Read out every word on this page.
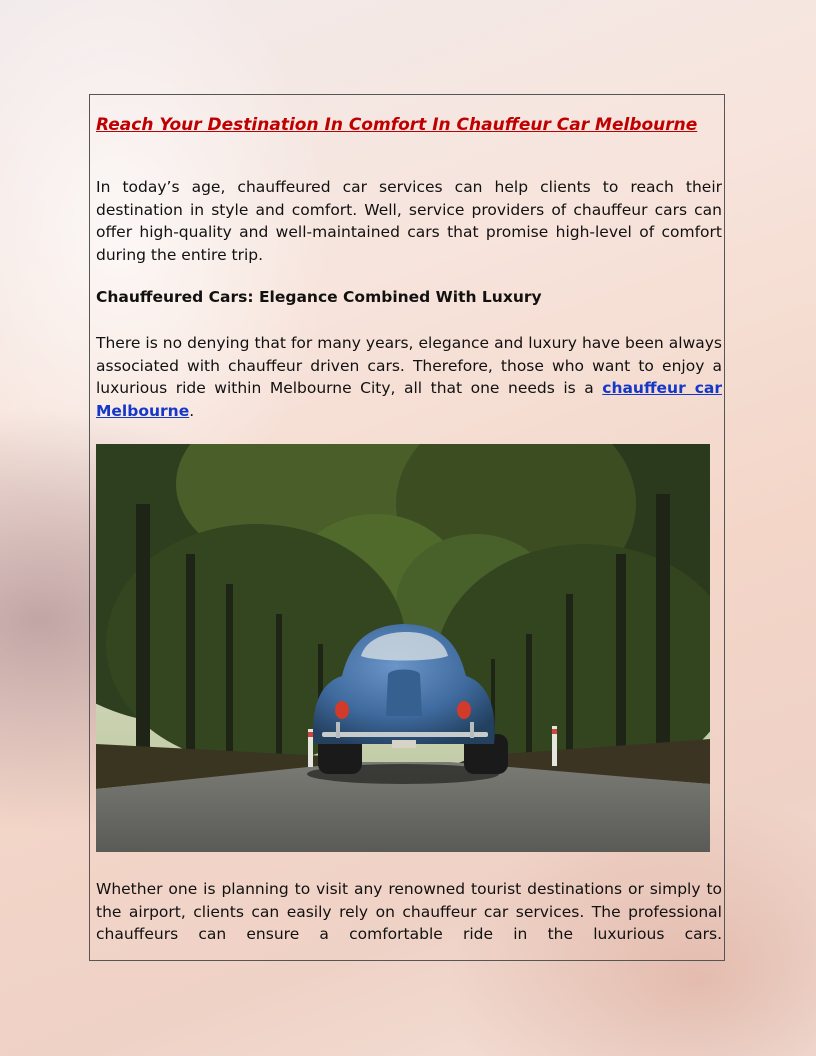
Reach Your Destination In Comfort In Chauffeur Car Melbourne

In today’s age, chauffeured car services can help clients to reach their destination in style and comfort. Well, service providers of chauffeur cars can offer high-quality and well-maintained cars that promise high-level of comfort during the entire trip.

Chauffeured Cars: Elegance Combined With Luxury

There is no denying that for many years, elegance and luxury have been always associated with chauffeur driven cars. Therefore, those who want to enjoy a luxurious ride within Melbourne City, all that one needs is a chauffeur car Melbourne.

Whether one is planning to visit any renowned tourist destinations or simply to the airport, clients can easily rely on chauffeur car services. The professional chauffeurs can ensure a comfortable ride in the luxurious cars.
